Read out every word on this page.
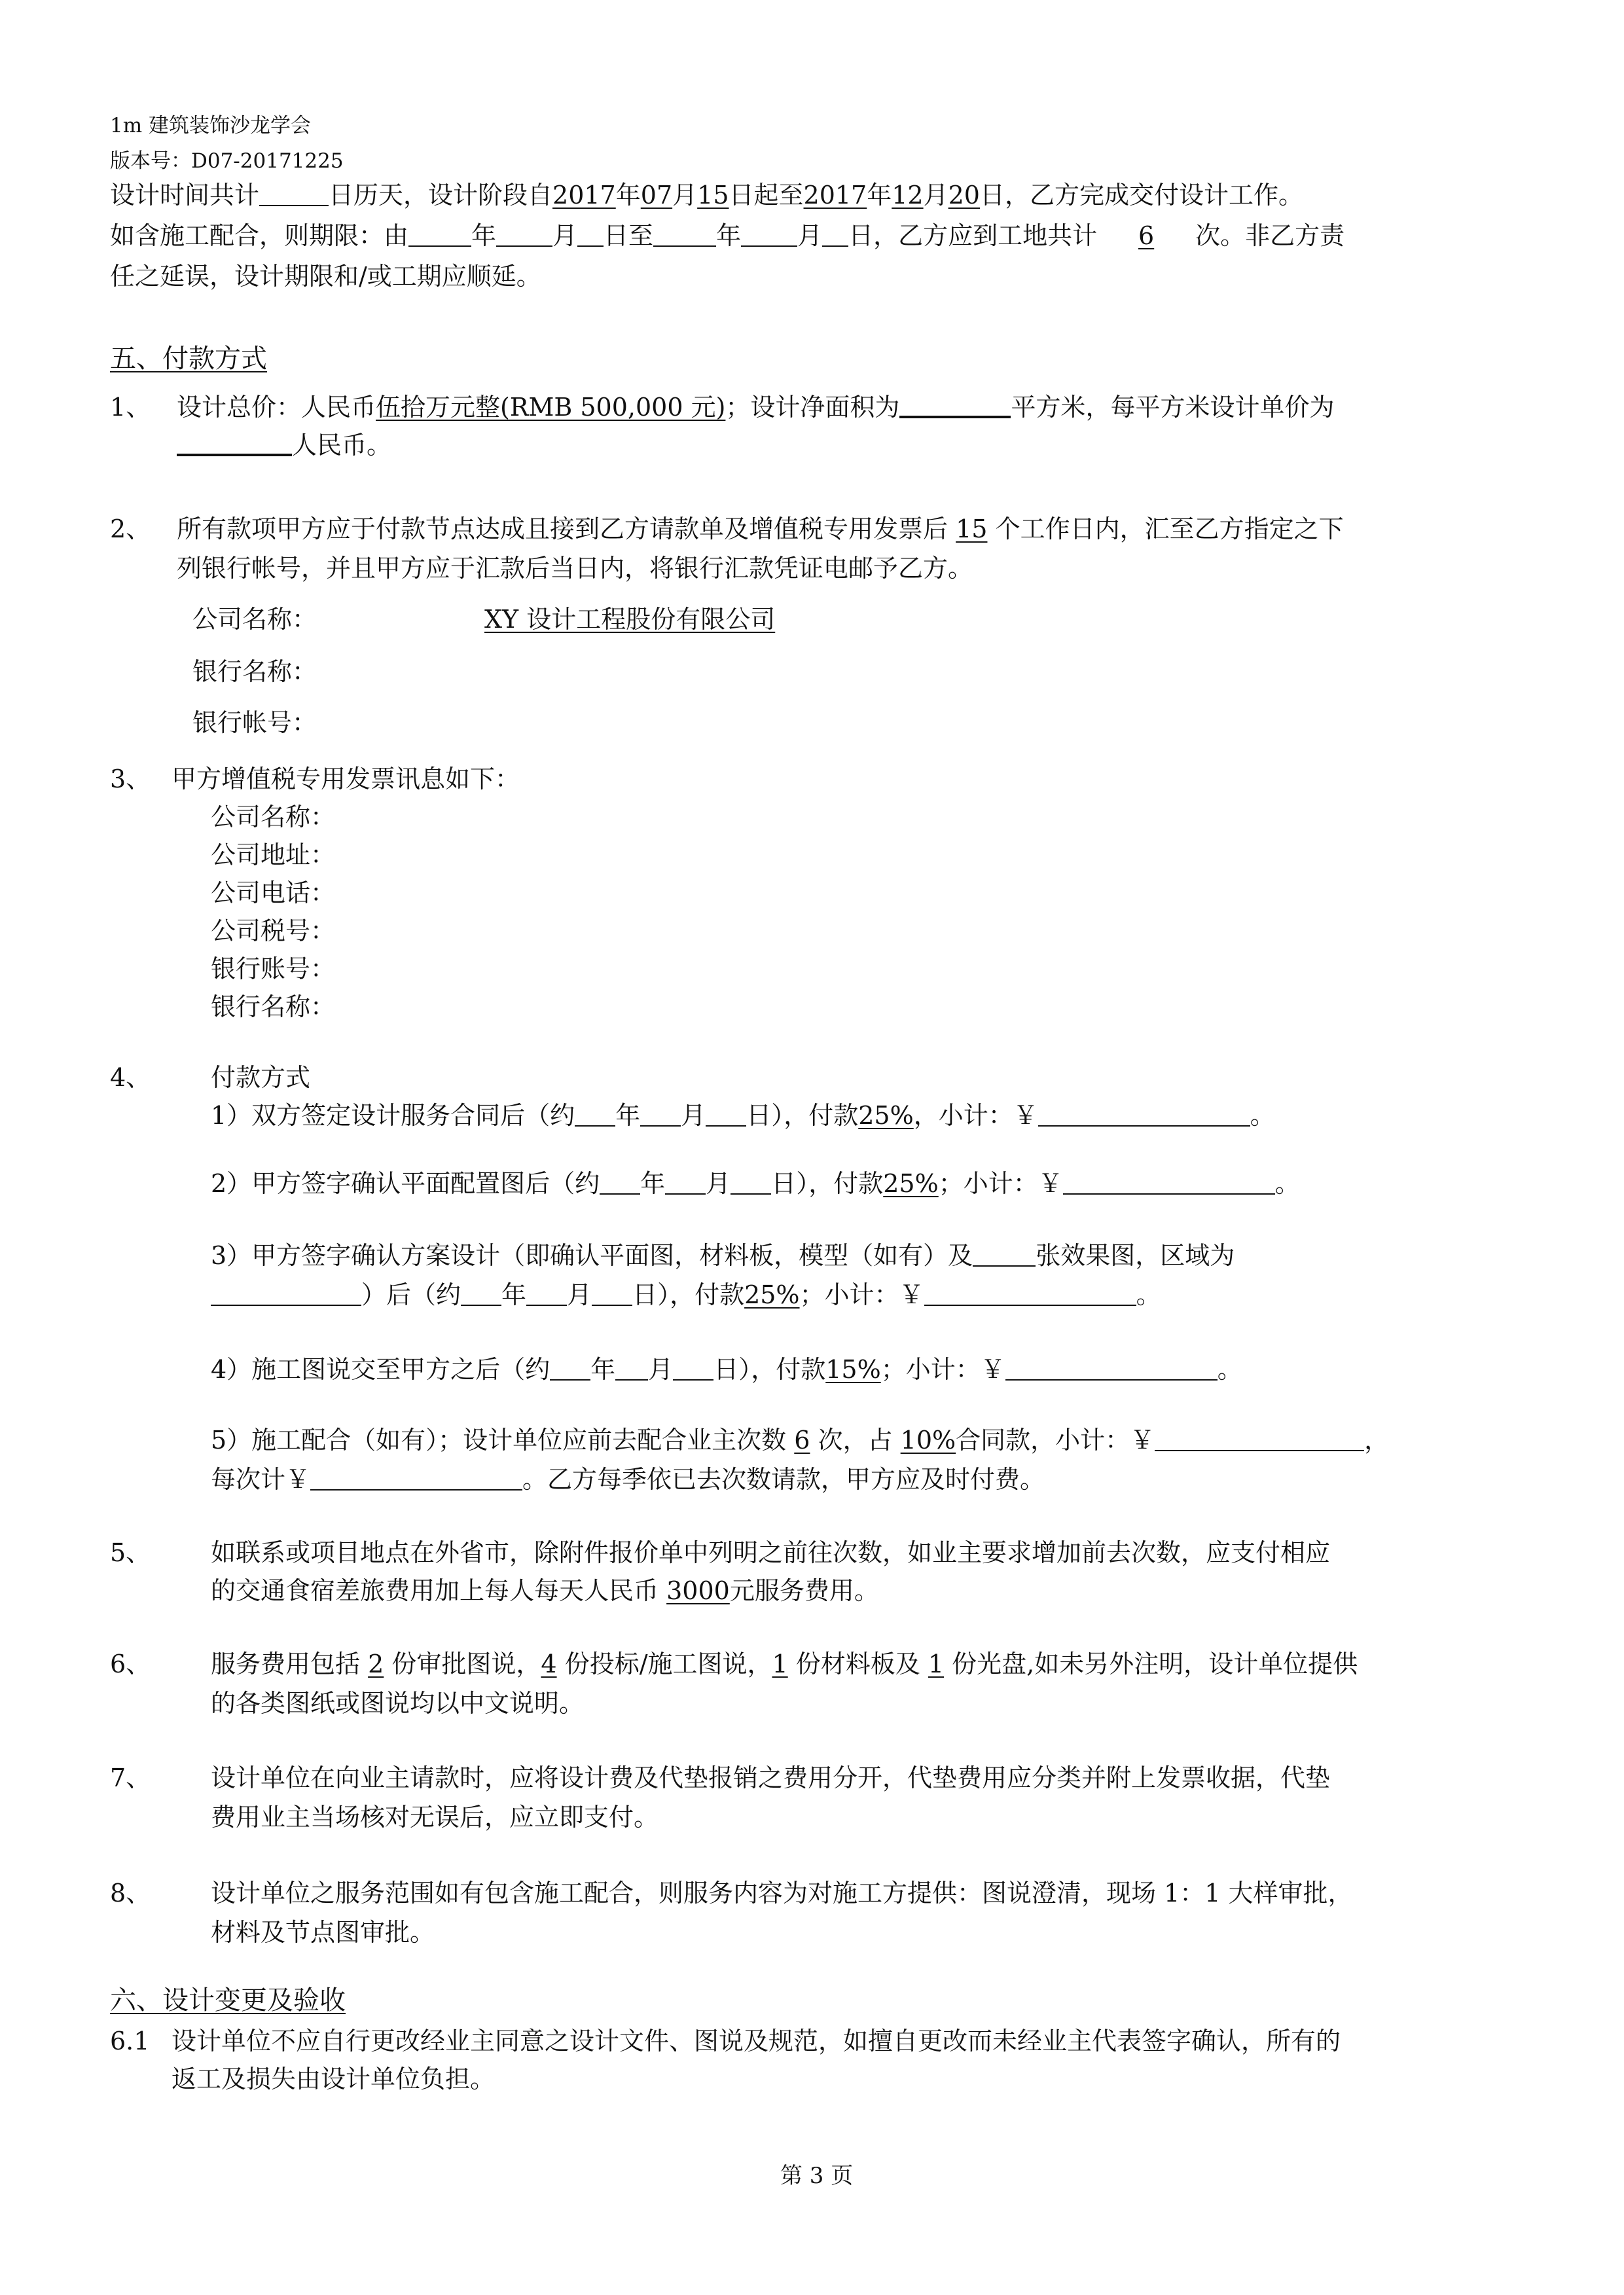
1m 建筑装饰沙龙学会
版本号：D07-20171225
设计时间共计	日历天，设计阶段自2017年07月15日起至2017年12月20日，乙方完成交付设计工作。
如含施工配合，则期限：由	年 月 日至	年 月 日，乙方应到工地共计 6 次。非乙方责
任之延误，设计期限和/或工期应顺延。
五、付款方式
1、 设计总价：人民币伍拾万元整(RMB 500,000 元)；设计净面积为	平方米，每平方米设计单价为
人民币。
2、 所有款项甲方应于付款节点达成且接到乙方请款单及增值税专用发票后 15 个工作日内，汇至乙方指定之下
列银行帐号，并且甲方应于汇款后当日内，将银行汇款凭证电邮予乙方。
公司名称：	XY 设计工程股份有限公司
银行名称：
银行帐号：
3、 甲方增值税专用发票讯息如下：
公司名称：
公司地址：
公司电话：
公司税号：
银行账号：
银行名称：
4、 付款方式
1）双方签定设计服务合同后（约 年 月 日），付款25%，小计：￥	。
2）甲方签字确认平面配置图后（约 年 月 日），付款25%；小计：￥	。
3）甲方签字确认方案设计（即确认平面图，材料板，模型（如有）及	张效果图，区域为
）后（约 年 月 日），付款25%；小计：￥	。
4）施工图说交至甲方之后（约 年 月 日），付款15%；小计：￥	。
5）施工配合（如有）；设计单位应前去配合业主次数 6 次，占 10%合同款，小计：￥	，
每次计￥	。乙方每季依已去次数请款，甲方应及时付费。
5、 如联系或项目地点在外省市，除附件报价单中列明之前往次数，如业主要求增加前去次数，应支付相应
的交通食宿差旅费用加上每人每天人民币 3000元服务费用。
6、 服务费用包括 2 份审批图说，4 份投标/施工图说，1 份材料板及 1 份光盘,如未另外注明，设计单位提供
的各类图纸或图说均以中文说明。
7、 设计单位在向业主请款时，应将设计费及代垫报销之费用分开，代垫费用应分类并附上发票收据，代垫
费用业主当场核对无误后，应立即支付。
8、 设计单位之服务范围如有包含施工配合，则服务内容为对施工方提供：图说澄清，现场 1：1 大样审批，
材料及节点图审批。
六、设计变更及验收
6.1 设计单位不应自行更改经业主同意之设计文件、图说及规范，如擅自更改而未经业主代表签字确认，所有的
返工及损失由设计单位负担。
第 3 页
